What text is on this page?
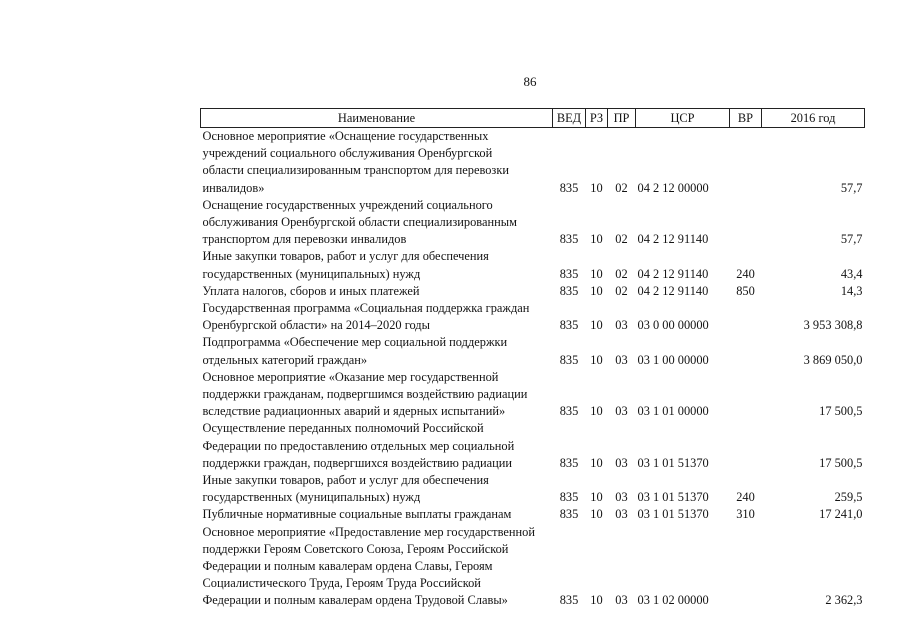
86
Наименование	ВЕД	РЗ	ПР	ЦСР	ВР	2016 год

Основное мероприятие «Оснащение государственных
учреждений социального обслуживания Оренбургской
области специализированным транспортом для перевозки
инвалидов»	835	10	02	04 2 12 00000		57,7

Оснащение государственных учреждений социального
обслуживания Оренбургской области специализированным
транспортом для перевозки инвалидов	835	10	02	04 2 12 91140		57,7

Иные закупки товаров, работ и услуг для обеспечения
государственных (муниципальных) нужд	835	10	02	04 2 12 91140	240	43,4

Уплата налогов, сборов и иных платежей	835	10	02	04 2 12 91140	850	14,3

Государственная программа «Социальная поддержка граждан
Оренбургской области» на 2014–2020 годы	835	10	03	03 0 00 00000		3 953 308,8

Подпрограмма «Обеспечение мер социальной поддержки
отдельных категорий граждан»	835	10	03	03 1 00 00000		3 869 050,0

Основное мероприятие «Оказание мер государственной
поддержки гражданам, подвергшимся воздействию радиации
вследствие радиационных аварий и ядерных испытаний»	835	10	03	03 1 01 00000		17 500,5

Осуществление переданных полномочий Российской
Федерации по предоставлению отдельных мер социальной
поддержки граждан, подвергшихся воздействию радиации	835	10	03	03 1 01 51370		17 500,5

Иные закупки товаров, работ и услуг для обеспечения
государственных (муниципальных) нужд	835	10	03	03 1 01 51370	240	259,5

Публичные нормативные социальные выплаты гражданам	835	10	03	03 1 01 51370	310	17 241,0

Основное мероприятие «Предоставление мер государственной
поддержки Героям Советского Союза, Героям Российской
Федерации и полным кавалерам ордена Славы, Героям
Социалистического Труда, Героям Труда Российской
Федерации и полным кавалерам ордена Трудовой Славы»	835	10	03	03 1 02 00000		2 362,3
